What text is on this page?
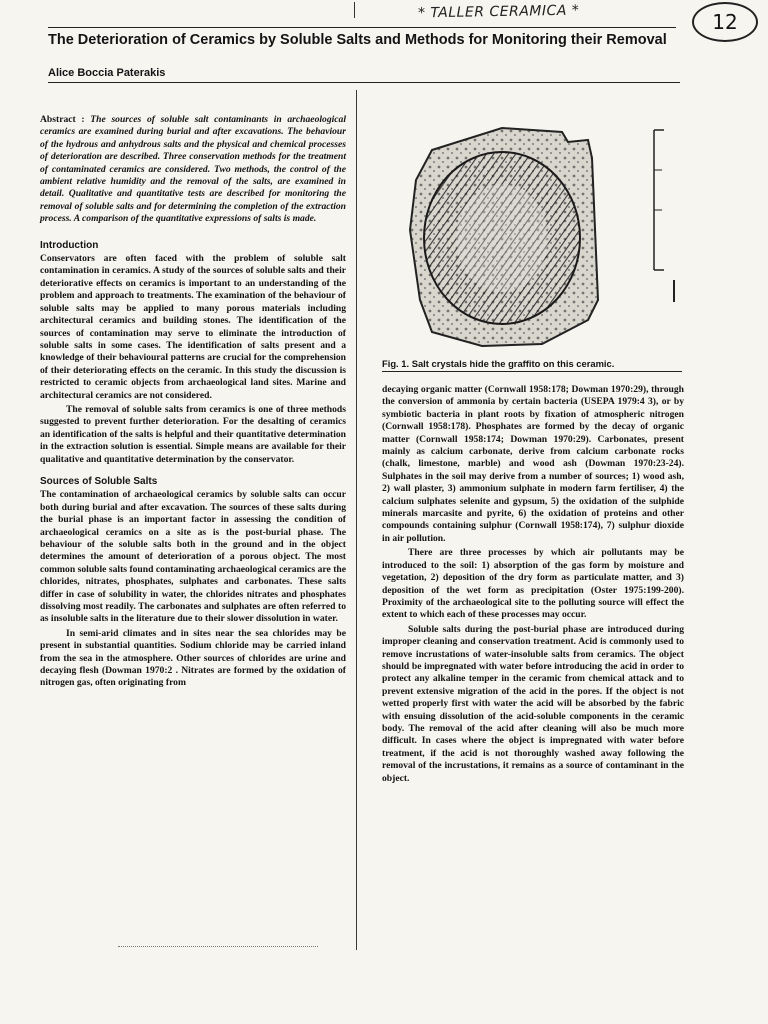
* TALLER CERAMICA *	12
The Deterioration of Ceramics by Soluble Salts and Methods for Monitoring their Removal
Alice Boccia Paterakis

Abstract : The sources of soluble salt contaminants in archaeological ceramics are examined during burial and after excavations. The behaviour of the hydrous and anhydrous salts and the physical and chemical processes of deterioration are described. Three conservation methods for the treatment of contaminated ceramics are considered. Two methods, the control of the ambient relative humidity and the removal of the salts, are examined in detail. Qualitative and quantitative tests are described for monitoring the removal of soluble salts and for determining the completion of the extraction process. A comparison of the quantitative expressions of salts is made.

Introduction

Conservators are often faced with the problem of soluble salt contamination in ceramics. A study of the sources of soluble salts and their deteriorative effects on ceramics is important to an understanding of the problem and approach to treatments. The examination of the behaviour of soluble salts may be applied to many porous materials including architectural ceramics and building stones. The identification of the sources of contamination may serve to eliminate the introduction of soluble salts in some cases. The identification of salts present and a knowledge of their behavioural patterns are crucial for the comprehension of their deteriorating effects on the ceramic. In this study the discussion is restricted to ceramic objects from archaeological land sites. Marine and architectural ceramics are not considered.

The removal of soluble salts from ceramics is one of three methods suggested to prevent further deterioration. For the desalting of ceramics an identification of the salts is helpful and their quantitative determination in the extraction solution is essential. Simple means are available for their qualitative and quantitative determination by the conservator.

Sources of Soluble Salts

The contamination of archaeological ceramics by soluble salts can occur both during burial and after excavation. The sources of these salts during the burial phase is an important factor in assessing the condition of archaeological ceramics on a site as is the post-burial phase. The behaviour of the soluble salts both in the ground and in the object determines the amount of deterioration of a porous object. The most common soluble salts found contaminating archaeological ceramics are the chlorides, nitrates, phosphates, sulphates and carbonates. These salts differ in case of solubility in water, the chlorides nitrates and phosphates dissolving most readily. The carbonates and sulphates are often referred to as insoluble salts in the literature due to their slower dissolution in water.

In semi-arid climates and in sites near the sea chlorides may be present in substantial quantities. Sodium chloride may be carried inland from the sea in the atmosphere. Other sources of chlorides are urine and decaying flesh (Dowman 1970:2 . Nitrates are formed by the oxidation of nitrogen gas, often originating from

Fig. 1. Salt crystals hide the graffito on this ceramic.

decaying organic matter (Cornwall 1958:178; Dowman 1970:29), through the conversion of ammonia by certain bacteria (USEPA 1979:4 3), or by symbiotic bacteria in plant roots by fixation of atmospheric nitrogen (Cornwall 1958:178). Phosphates are formed by the decay of organic matter (Cornwall 1958:174; Dowman 1970:29). Carbonates, present mainly as calcium carbonate, derive from calcium carbonate rocks (chalk, limestone, marble) and wood ash (Dowman 1970:23-24). Sulphates in the soil may derive from a number of sources; 1) wood ash, 2) wall plaster, 3) ammonium sulphate in modern farm fertiliser, 4) the calcium sulphates selenite and gypsum, 5) the oxidation of the sulphide minerals marcasite and pyrite, 6) the oxidation of proteins and other compounds containing sulphur (Cornwall 1958:174), 7) sulphur dioxide in air pollution.

There are three processes by which air pollutants may be introduced to the soil: 1) absorption of the gas form by moisture and vegetation, 2) deposition of the dry form as particulate matter, and 3) deposition of the wet form as precipitation (Oster 1975:199-200). Proximity of the archaeological site to the polluting source will effect the extent to which each of these processes may occur.

Soluble salts during the post-burial phase are introduced during improper cleaning and conservation treatment. Acid is commonly used to remove incrustations of water-insoluble salts from ceramics. The object should be impregnated with water before introducing the acid in order to protect any alkaline temper in the ceramic from chemical attack and to prevent extensive migration of the acid in the pores. If the object is not wetted properly first with water the acid will be absorbed by the fabric with ensuing dissolution of the acid-soluble components in the ceramic body. The removal of the acid after cleaning will also be much more difficult. In cases where the object is impregnated with water before treatment, if the acid is not thoroughly washed away following the removal of the incrustations, it remains as a source of contaminant in the object.
